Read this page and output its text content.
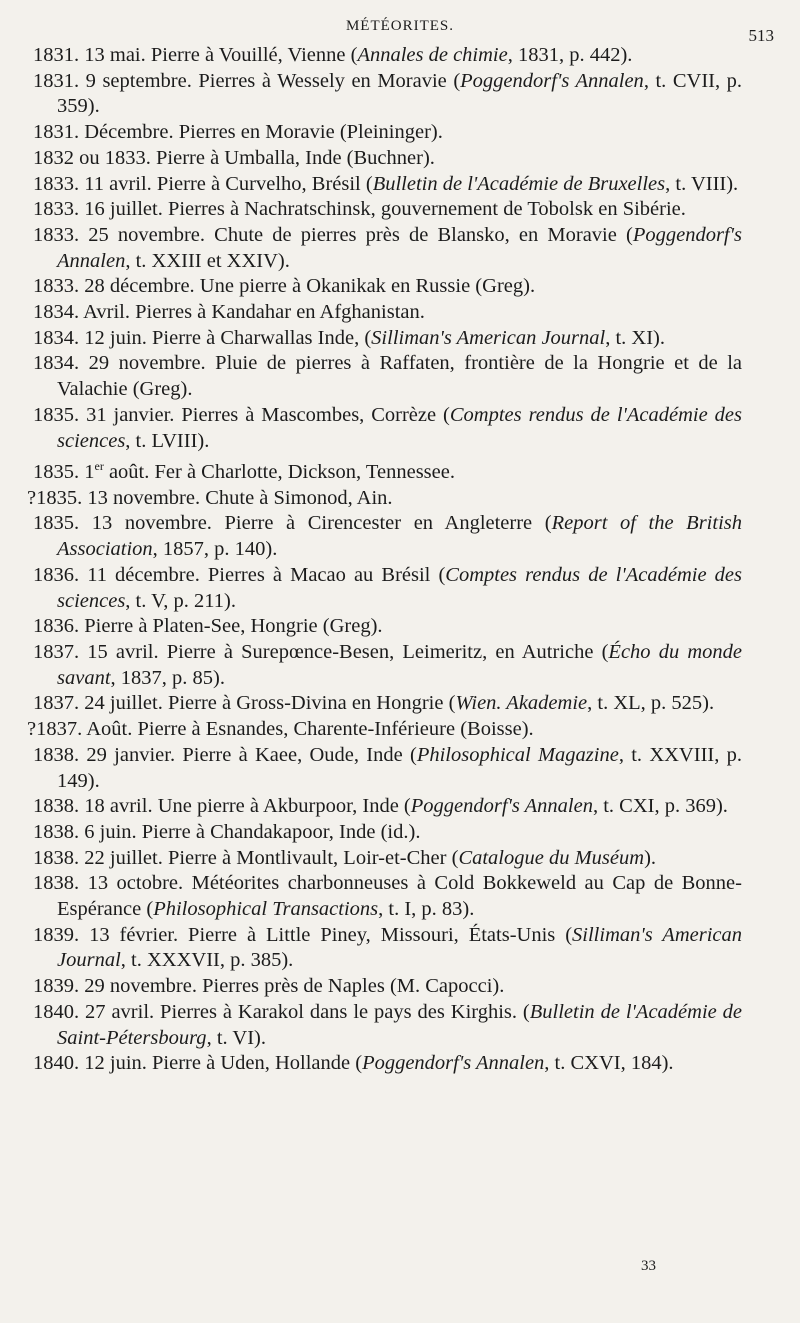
MÉTÉORITES.	513

1831. 13 mai. Pierre à Vouillé, Vienne (Annales de chimie, 1831, p. 442).

1831. 9 septembre. Pierres à Wessely en Moravie (Poggendorf's Annalen, t. CVII, p. 359).

1831. Décembre. Pierres en Moravie (Pleininger).

1832 ou 1833. Pierre à Umballa, Inde (Buchner).

1833. 11 avril. Pierre à Curvelho, Brésil (Bulletin de l'Académie de Bruxelles, t. VIII).

1833. 16 juillet. Pierres à Nachratschinsk, gouvernement de Tobolsk en Sibérie.

1833. 25 novembre. Chute de pierres près de Blansko, en Moravie (Poggendorf's Annalen, t. XXIII et XXIV).

1833. 28 décembre. Une pierre à Okanikak en Russie (Greg).

1834. Avril. Pierres à Kandahar en Afghanistan.

1834. 12 juin. Pierre à Charwallas Inde, (Silliman's American Journal, t. XI).

1834. 29 novembre. Pluie de pierres à Raffaten, frontière de la Hongrie et de la Valachie (Greg).

1835. 31 janvier. Pierres à Mascombes, Corrèze (Comptes rendus de l'Académie des sciences, t. LVIII).

1835. 1er août. Fer à Charlotte, Dickson, Tennessee.

?1835. 13 novembre. Chute à Simonod, Ain.

1835. 13 novembre. Pierre à Cirencester en Angleterre (Report of the British Association, 1857, p. 140).

1836. 11 décembre. Pierres à Macao au Brésil (Comptes rendus de l'Académie des sciences, t. V, p. 211).

1836. Pierre à Platen-See, Hongrie (Greg).

1837. 15 avril. Pierre à Surepœnce-Besen, Leimeritz, en Autriche (Écho du monde savant, 1837, p. 85).

1837. 24 juillet. Pierre à Gross-Divina en Hongrie (Wien. Akademie, t. XL, p. 525).

?1837. Août. Pierre à Esnandes, Charente-Inférieure (Boisse).

1838. 29 janvier. Pierre à Kaee, Oude, Inde (Philosophical Magazine, t. XXVIII, p. 149).

1838. 18 avril. Une pierre à Akburpoor, Inde (Poggendorf's Annalen, t. CXI, p. 369).

1838. 6 juin. Pierre à Chandakapoor, Inde (id.).

1838. 22 juillet. Pierre à Montlivault, Loir-et-Cher (Catalogue du Muséum).

1838. 13 octobre. Météorites charbonneuses à Cold Bokkeweld au Cap de Bonne-Espérance (Philosophical Transactions, t. I, p. 83).

1839. 13 février. Pierre à Little Piney, Missouri, États-Unis (Silliman's American Journal, t. XXXVII, p. 385).

1839. 29 novembre. Pierres près de Naples (M. Capocci).

1840. 27 avril. Pierres à Karakol dans le pays des Kirghis. (Bulletin de l'Académie de Saint-Pétersbourg, t. VI).

1840. 12 juin. Pierre à Uden, Hollande (Poggendorf's Annalen, t. CXVI, 184).

33
